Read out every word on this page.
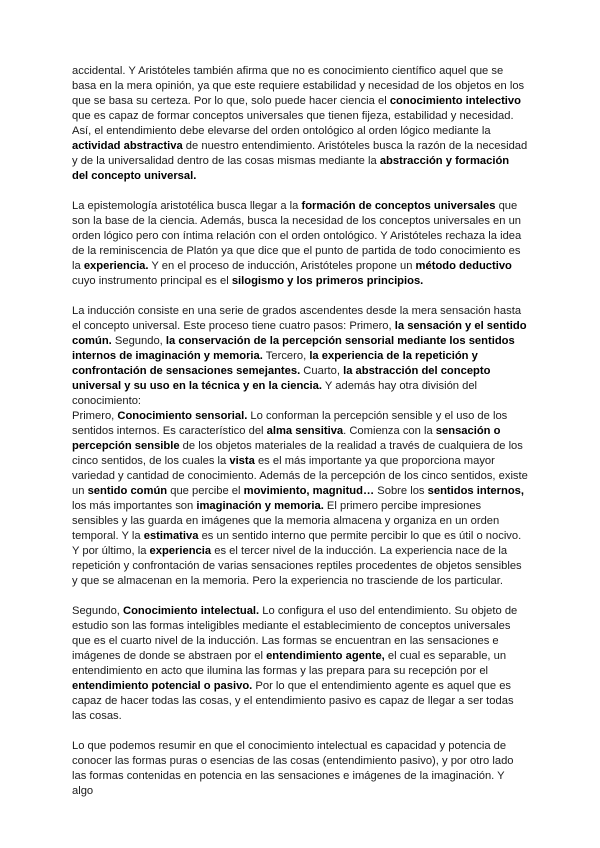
accidental. Y Aristóteles también afirma que no es conocimiento científico aquel que se basa en la mera opinión, ya que este requiere estabilidad y necesidad de los objetos en los que se basa su certeza. Por lo que, solo puede hacer ciencia el conocimiento intelectivo que es capaz de formar conceptos universales que tienen fijeza, estabilidad y necesidad. Así, el entendimiento debe elevarse del orden ontológico al orden lógico mediante la actividad abstractiva de nuestro entendimiento. Aristóteles busca la razón de la necesidad y de la universalidad dentro de las cosas mismas mediante la abstracción y formación del concepto universal.

La epistemología aristotélica busca llegar a la formación de conceptos universales que son la base de la ciencia. Además, busca la necesidad de los conceptos universales en un orden lógico pero con íntima relación con el orden ontológico. Y Aristóteles rechaza la idea de la reminiscencia de Platón ya que dice que el punto de partida de todo conocimiento es la experiencia. Y en el proceso de inducción, Aristóteles propone un método deductivo cuyo instrumento principal es el silogismo y los primeros principios.

La inducción consiste en una serie de grados ascendentes desde la mera sensación hasta el concepto universal. Este proceso tiene cuatro pasos: Primero, la sensación y el sentido común. Segundo, la conservación de la percepción sensorial mediante los sentidos internos de imaginación y memoria. Tercero, la experiencia de la repetición y confrontación de sensaciones semejantes. Cuarto, la abstracción del concepto universal y su uso en la técnica y en la ciencia. Y además hay otra división del conocimiento:
Primero, Conocimiento sensorial. Lo conforman la percepción sensible y el uso de los sentidos internos. Es característico del alma sensitiva. Comienza con la sensación o percepción sensible de los objetos materiales de la realidad a través de cualquiera de los cinco sentidos, de los cuales la vista es el más importante ya que proporciona mayor variedad y cantidad de conocimiento. Además de la percepción de los cinco sentidos, existe un sentido común que percibe el movimiento, magnitud… Sobre los sentidos internos, los más importantes son imaginación y memoria. El primero percibe impresiones sensibles y las guarda en imágenes que la memoria almacena y organiza en un orden temporal. Y la estimativa es un sentido interno que permite percibir lo que es útil o nocivo. Y por último, la experiencia es el tercer nivel de la inducción. La experiencia nace de la repetición y confrontación de varias sensaciones reptiles procedentes de objetos sensibles y que se almacenan en la memoria. Pero la experiencia no trasciende de los particular.

Segundo, Conocimiento intelectual. Lo configura el uso del entendimiento. Su objeto de estudio son las formas inteligibles mediante el establecimiento de conceptos universales que es el cuarto nivel de la inducción. Las formas se encuentran en las sensaciones e imágenes de donde se abstraen por el entendimiento agente, el cual es separable, un entendimiento en acto que ilumina las formas y las prepara para su recepción por el entendimiento potencial o pasivo. Por lo que el entendimiento agente es aquel que es capaz de hacer todas las cosas, y el entendimiento pasivo es capaz de llegar a ser todas las cosas.

Lo que podemos resumir en que el conocimiento intelectual es capacidad y potencia de conocer las formas puras o esencias de las cosas (entendimiento pasivo), y por otro lado las formas contenidas en potencia en las sensaciones e imágenes de la imaginación. Y algo
